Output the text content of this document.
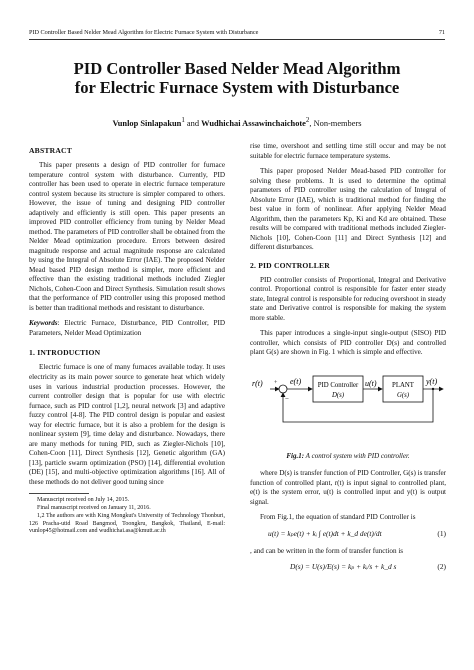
PID Controller Based Nelder Mead Algorithm for Electric Furnace System with Disturbance	71
PID Controller Based Nelder Mead Algorithm
for Electric Furnace System with Disturbance
Vunlop Sinlapakun$^1$ and Wudhichai Assawinchaichote$^2$, Non-members
ABSTRACT

This paper presents a design of PID controller for furnace temperature control system with disturbance. Currently, PID controller has been used to operate in electric furnace temperature control system because its structure is simpler compared to others. However, the issue of tuning and designing PID controller adaptively and efficiently is still open. This paper presents an improved PID controller efficiency from tuning by Nelder Mead method. The parameters of PID controller shall be obtained from the Nelder Mead optimization procedure. Errors between desired magnitude response and actual magnitude response are calculated by using the Integral of Absolute Error (IAE). The proposed Nelder Mead based PID design method is simpler, more efficient and effective than the existing traditional methods included Ziegler Nichols, Cohen-Coon and Direct Synthesis. Simulation result shows that the performance of PID controller using this proposed method is better than traditional methods and resistant to disturbance.

Keywords: Electric Furnace, Disturbance, PID Controller, PID Parameters, Nelder Mead Optimization

1. INTRODUCTION

Electric furnace is one of many furnaces available today. It uses electricity as its main power source to generate heat which widely uses in various industrial production processes. However, the current controller design that is popular for use with electric furnace, such as PID control [1,2], neural network [3] and adaptive fuzzy control [4-8]. The PID control design is popular and easiest way for electric furnace, but it is also a problem for the design is nonlinear system [9], time delay and disturbance. Nowadays, there are many methods for tuning PID, such as Ziegler-Nichols [10], Cohen-Coon [11], Direct Synthesis [12], Genetic algorithm (GA) [13], particle swarm optimization (PSO) [14], differential evolution (DE) [15], and multi-objective optimization algorithms [16]. All of these methods do not deliver good tuning since

Manuscript received on July 14, 2015.
Final manuscript received on January 11, 2016.
1,2 The authors are with King Mongkut's University of Technology Thonburi, 126 Pracha-utid Road Bangmod, Toongkru, Bangkok, Thailand, E-mail: vunlop45@hotmail.com and wudhichai.asa@kmutt.ac.th

rise time, overshoot and settling time still occur and may be not suitable for electric furnace temperature systems.

This paper proposed Nelder Mead-based PID controller for solving these problems. It is used to determine the optimal parameters of PID controller using the calculation of Integral of Absolute Error (IAE), which is traditional method for finding the best value in form of nonlinear. After applying Nelder Mead Algorithm, then the parameters Kp, Ki and Kd are obtained. These results will be compared with traditional methods included Ziegler-Nichols [10], Cohen-Coon [11] and Direct Synthesis [12] and different disturbances.

2. PID CONTROLLER

PID controller consists of Proportional, Integral and Derivative control. Proportional control is responsible for faster enter steady state, Integral control is responsible for reducing overshoot in steady state and Derivative control is responsible for making the system more stable.

This paper introduces a single-input single-output (SISO) PID controller, which consists of PID controller D(s) and controlled plant G(s) are shown in Fig. 1 which is simple and effective.

r(t) +
−
e(t) PID Controller
D(s)
u(t) PLANT
G(s)
y(t)

Fig.1: A control system with PID controller.

where D(s) is transfer function of PID Controller, G(s) is transfer function of controlled plant, r(t) is input signal to controlled plant, e(t) is the system error, u(t) is controlled input and y(t) is output signal.

From Fig.1, the equation of standard PID Controller is

u(t) = kₚe(t) + kᵢ ∫ e(t)dt + k_d de(t)/dt	(1)

, and can be written in the form of transfer function is

D(s) = U(s)/E(s) = kₚ + kᵢ/s + k_d s	(2)
